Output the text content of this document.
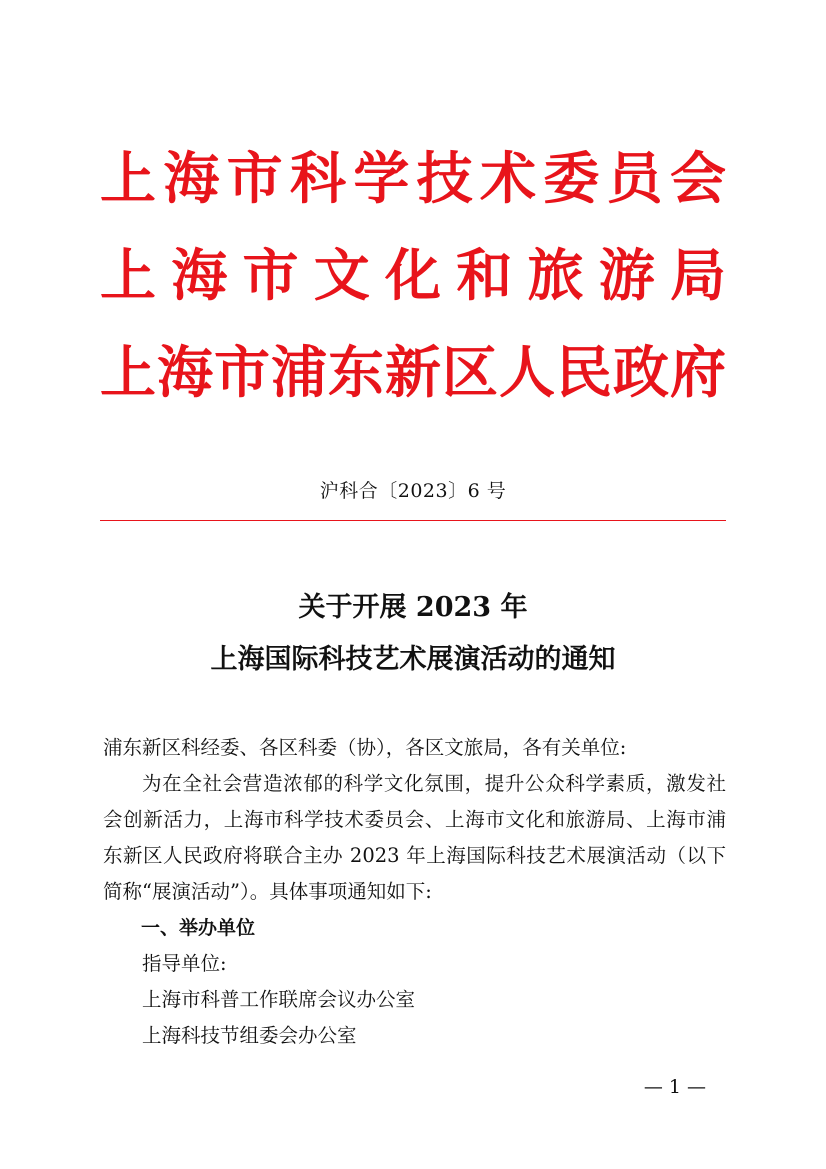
上 海 市 科 学 技 术 委 员 会
上 海 市 文 化 和 旅 游 局
上 海 市 浦 东 新 区 人 民 政 府
沪科合〔2023〕6 号
关于开展 2023 年
上海国际科技艺术展演活动的通知

浦东新区科经委、各区科委（协），各区文旅局，各有关单位:

为在全社会营造浓郁的科学文化氛围，提升公众科学素质，激发社会创新活力，上海市科学技术委员会、上海市文化和旅游局、上海市浦东新区人民政府将联合主办 2023 年上海国际科技艺术展演活动（以下简称“展演活动”）。具体事项通知如下:

一、举办单位

指导单位:

上海市科普工作联席会议办公室

上海科技节组委会办公室

— 1 —
